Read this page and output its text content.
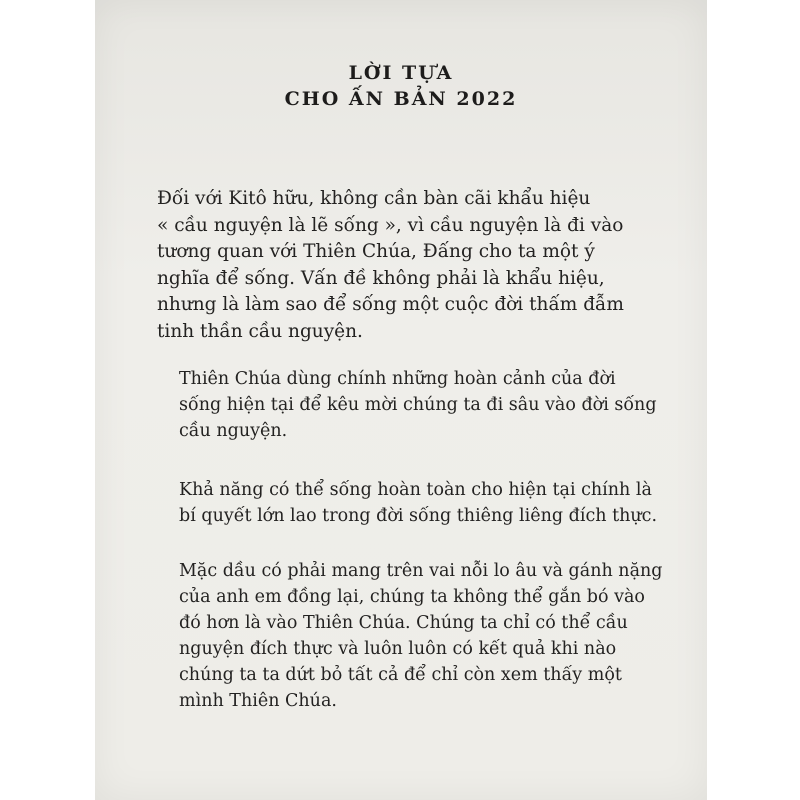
LỜI TỰA
CHO ẤN BẢN 2022

Đối với Kitô hữu, không cần bàn cãi khẩu hiệu
« cầu nguyện là lẽ sống », vì cầu nguyện là đi vào
tương quan với Thiên Chúa, Đấng cho ta một ý
nghĩa để sống. Vấn đề không phải là khẩu hiệu,
nhưng là làm sao để sống một cuộc đời thấm đẫm
tinh thần cầu nguyện.

Thiên Chúa dùng chính những hoàn cảnh của đời
sống hiện tại để kêu mời chúng ta đi sâu vào đời sống
cầu nguyện.

Khả năng có thể sống hoàn toàn cho hiện tại chính là
bí quyết lớn lao trong đời sống thiêng liêng đích thực.

Mặc dầu có phải mang trên vai nỗi lo âu và gánh nặng
của anh em đồng lại, chúng ta không thể gắn bó vào
đó hơn là vào Thiên Chúa. Chúng ta chỉ có thể cầu
nguyện đích thực và luôn luôn có kết quả khi nào
chúng ta ta dứt bỏ tất cả để chỉ còn xem thấy một
mình Thiên Chúa.
